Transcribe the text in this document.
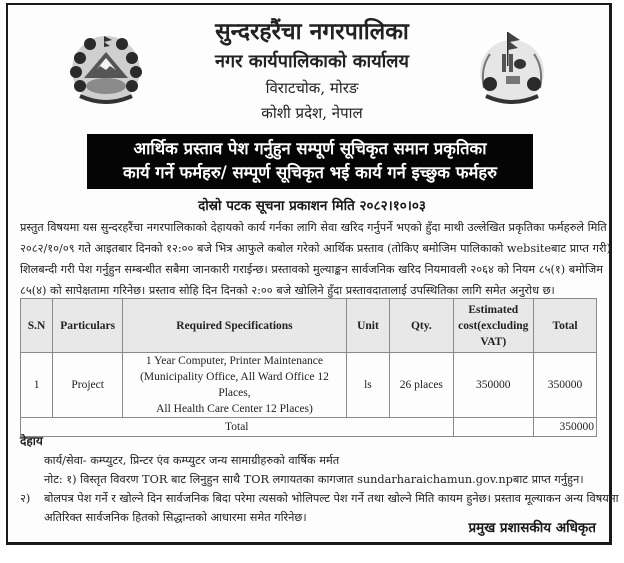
सुन्दरहरैंचा नगरपालिका
नगर कार्यपालिकाको कार्यालय
विराटचोक, मोरङ
कोशी प्रदेश, नेपाल
आर्थिक प्रस्ताव पेश गर्नुहुन सम्पूर्ण सूचिकृत समान प्रकृतिका
कार्य गर्ने फर्महरु/ सम्पूर्ण सूचिकृत भई कार्य गर्न इच्छुक फर्महरु
दोस्रो पटक सूचना प्रकाशन मिति २०८२।१०।०३
प्रस्तुत विषयमा यस सुन्दरहरैंचा नगरपालिकाको देहायको कार्य गर्नका लागि सेवा खरिद गर्नुपर्ने भएको हुँदा माथी उल्लेखित प्रकृतिका फर्महरुले मिति
२०८२/१०/०९ गते आइतबार दिनको १२:०० बजे भित्र आफुले कबोल गरेको आर्थिक प्रस्ताव (तोकिए बमोजिम पालिकाको websiteबाट प्राप्त गरी)
शिलबन्दी गरी पेश गर्नुहुन सम्बन्धीत सबैमा जानकारी गराईन्छ। प्रस्तावको मुल्याङ्कन सार्वजनिक खरिद नियमावली २०६४ को नियम ८५(१) बमोजिम
८५(४) को सापेक्षतामा गरिनेछ। प्रस्ताव सोहि दिन दिनको २:०० बजे खोलिने हुँदा प्रस्तावदातालाई उपस्थितिका लागि समेत अनुरोध छ।
S.N	Particulars	Required Specifications	Unit	Qty.	Estimated cost(excluding VAT)	Total
1	Project	1 Year Computer, Printer Maintenance
(Municipality Office, All Ward Office 12 Places,
All Health Care Center 12 Places)	ls	26 places	350000	350000
Total						350000
देहाय
कार्य/सेवा- कम्प्युटर, प्रिन्टर एंव कम्प्युटर जन्य सामाग्रीहरुको वार्षिक मर्मत
नोट: १) विस्तृत विवरण TOR बाट लिनुहुन साथै TOR लगायतका कागजात sundarharaichamun.gov.npबाट प्राप्त गर्नुहुन।
२) बोलपत्र पेश गर्ने र खोल्ने दिन सार्वजनिक बिदा परेमा त्यसको भोलिपल्ट पेश गर्ने तथा खोल्ने मिति कायम हुनेछ। प्रस्ताव मूल्याकन अन्य विषयमा
अतिरिक्त सार्वजनिक हितको सिद्धान्तको आधारमा समेत गरिनेछ।
प्रमुख प्रशासकीय अधिकृत
